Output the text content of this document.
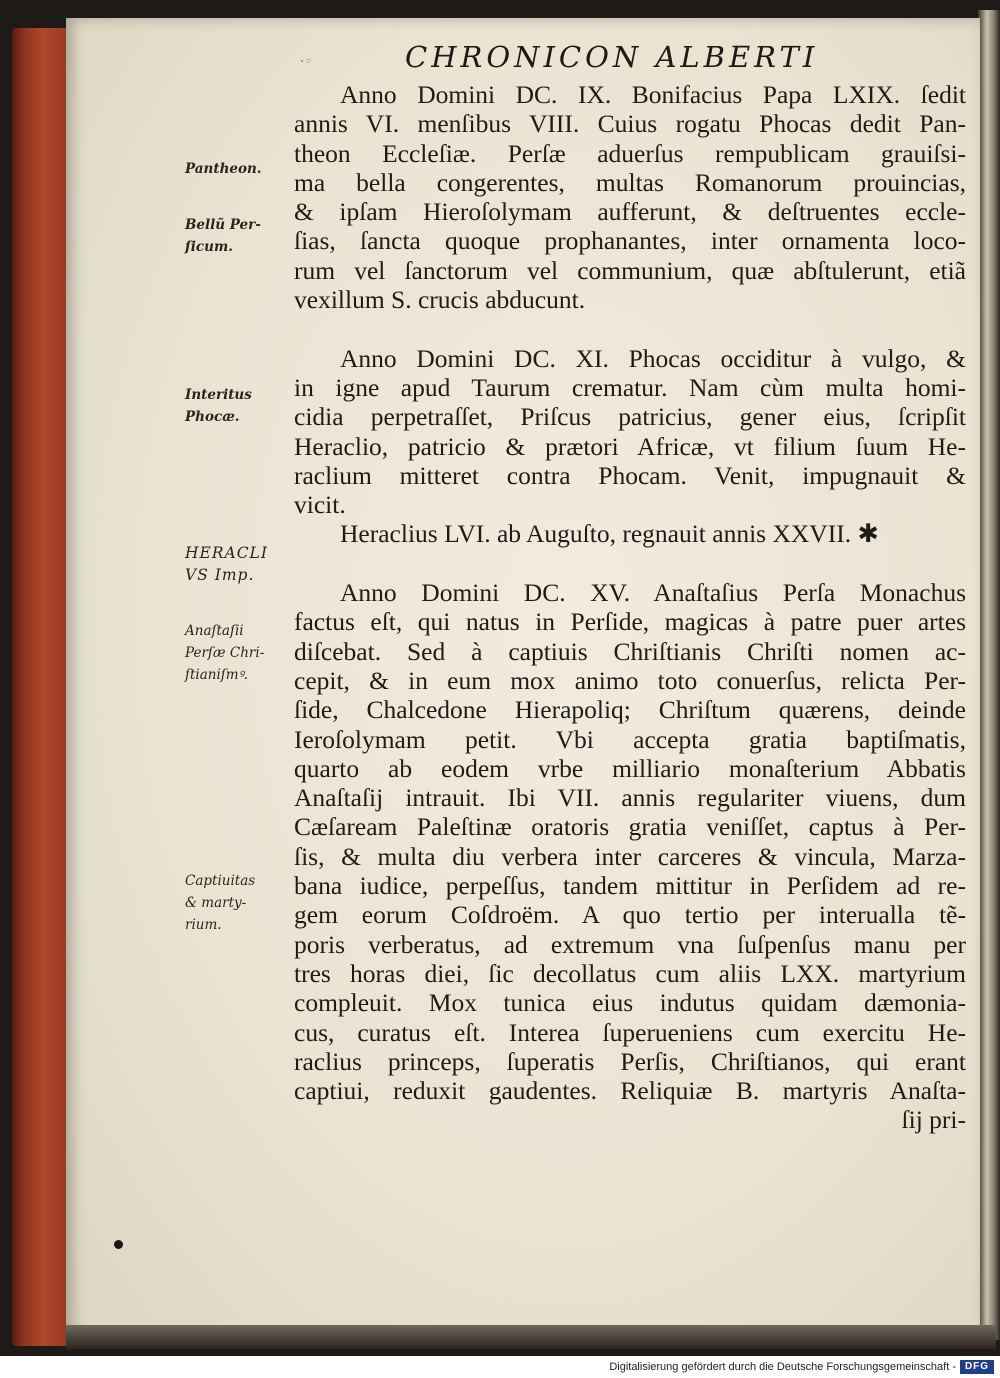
·◦	CHRONICON ALBERTI
Pantheon.
Bellũ Per-
ſicum.
Interitus
Phocæ.
HERACLI
VS Imp.
Anaſtaſii
Perſæ Chri-
ſtianiſmꝰ.
Captiuitas
& marty-
rium.
Anno Domini DC. IX. Bonifacius Papa LXIX. ſedit
annis VI. menſibus VIII. Cuius rogatu Phocas dedit Pan-
theon Eccleſiæ. Perſæ aduerſus rempublicam grauiſsi-
ma bella congerentes, multas Romanorum prouincias,
& ipſam Hieroſolymam aufferunt, & deſtruentes eccle-
ſias, ſancta quoque prophanantes, inter ornamenta loco-
rum vel ſanctorum vel communium, quæ abſtulerunt, etiã
vexillum S. crucis abducunt.
Anno Domini DC. XI. Phocas occiditur à vulgo, &
in igne apud Taurum crematur. Nam cùm multa homi-
cidia perpetraſſet, Priſcus patricius, gener eius, ſcripſit
Heraclio, patricio & prætori Africæ, vt filium ſuum He-
raclium mitteret contra Phocam. Venit, impugnauit &
vicit.
Heraclius LVI. ab Auguſto, regnauit annis XXVII. ✱
Anno Domini DC. XV. Anaſtaſius Perſa Monachus
factus eſt, qui natus in Perſide, magicas à patre puer artes
diſcebat. Sed à captiuis Chriſtianis Chriſti nomen ac-
cepit, & in eum mox animo toto conuerſus, relicta Per-
ſide, Chalcedone Hierapoliq; Chriſtum quærens, deinde
Ieroſolymam petit. Vbi accepta gratia baptiſmatis,
quarto ab eodem vrbe milliario monaſterium Abbatis
Anaſtaſij intrauit. Ibi VII. annis regulariter viuens, dum
Cæſaream Paleſtinæ oratoris gratia veniſſet, captus à Per-
ſis, & multa diu verbera inter carceres & vincula, Marza-
bana iudice, perpeſſus, tandem mittitur in Perſidem ad re-
gem eorum Coſdroëm. A quo tertio per interualla tẽ-
poris verberatus, ad extremum vna ſuſpenſus manu per
tres horas diei, ſic decollatus cum aliis LXX. martyrium
compleuit. Mox tunica eius indutus quidam dæmonia-
cus, curatus eſt. Interea ſuperueniens cum exercitu He-
raclius princeps, ſuperatis Perſis, Chriſtianos, qui erant
captiui, reduxit gaudentes. Reliquiæ B. martyris Anaſta-
ſij pri-
Digitalisierung gefördert durch die Deutsche Forschungsgemeinschaft - DFG
